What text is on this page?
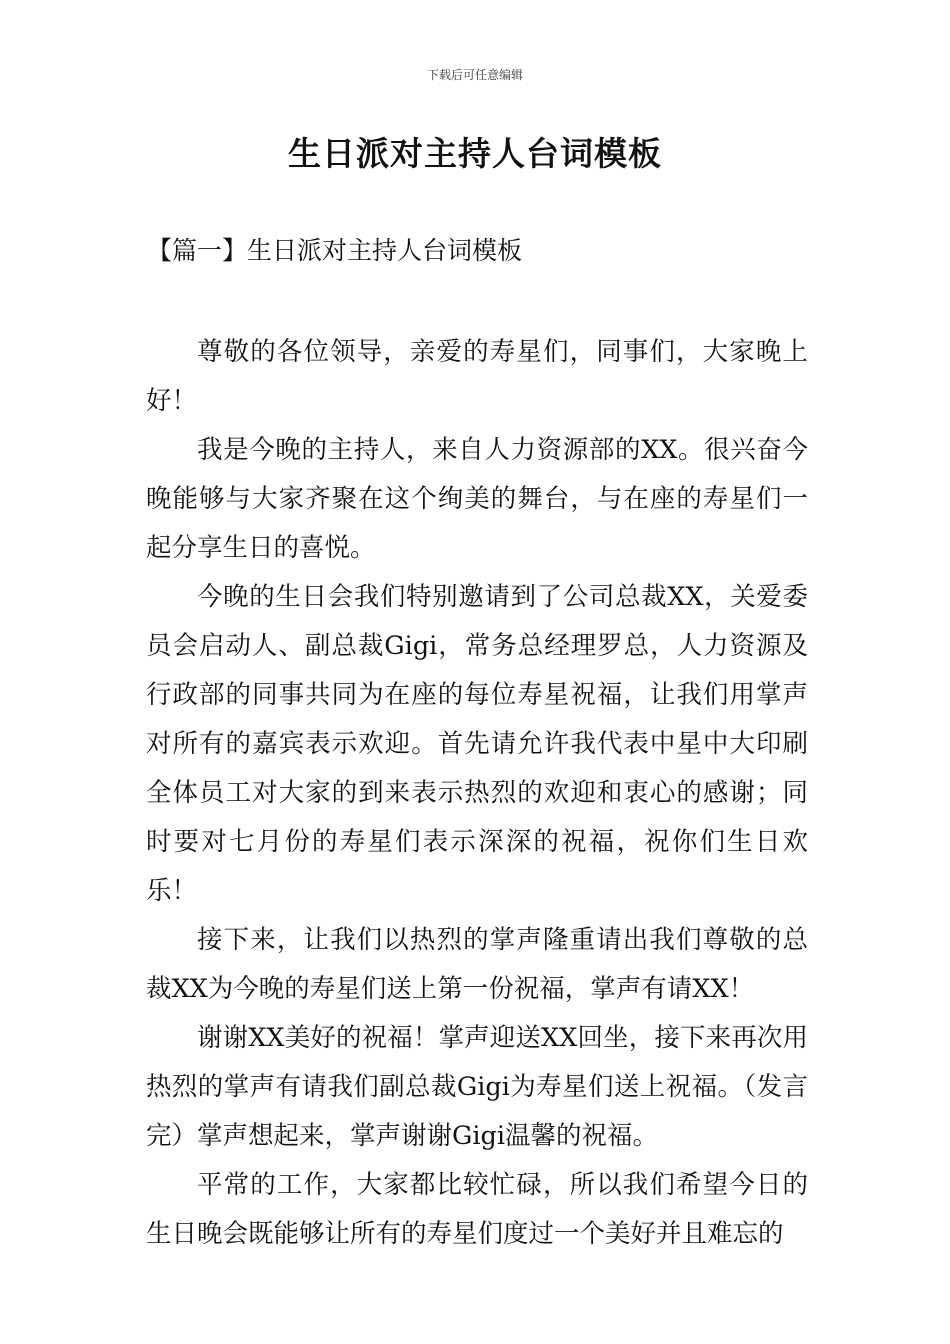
下载后可任意编辑
生日派对主持人台词模板
【篇一】生日派对主持人台词模板

尊敬的各位领导，亲爱的寿星们，同事们，大家晚上好！

我是今晚的主持人，来自人力资源部的XX。很兴奋今晚能够与大家齐聚在这个绚美的舞台，与在座的寿星们一起分享生日的喜悦。

今晚的生日会我们特别邀请到了公司总裁XX，关爱委员会启动人、副总裁Gigi，常务总经理罗总，人力资源及行政部的同事共同为在座的每位寿星祝福，让我们用掌声对所有的嘉宾表示欢迎。首先请允许我代表中星中大印刷全体员工对大家的到来表示热烈的欢迎和衷心的感谢；同时要对七月份的寿星们表示深深的祝福，祝你们生日欢乐！

接下来，让我们以热烈的掌声隆重请出我们尊敬的总裁XX为今晚的寿星们送上第一份祝福，掌声有请XX！

谢谢XX美好的祝福！掌声迎送XX回坐，接下来再次用热烈的掌声有请我们副总裁Gigi为寿星们送上祝福。（发言完）掌声想起来，掌声谢谢Gigi温馨的祝福。

平常的工作，大家都比较忙碌，所以我们希望今日的生日晚会既能够让所有的寿星们度过一个美好并且难忘的
